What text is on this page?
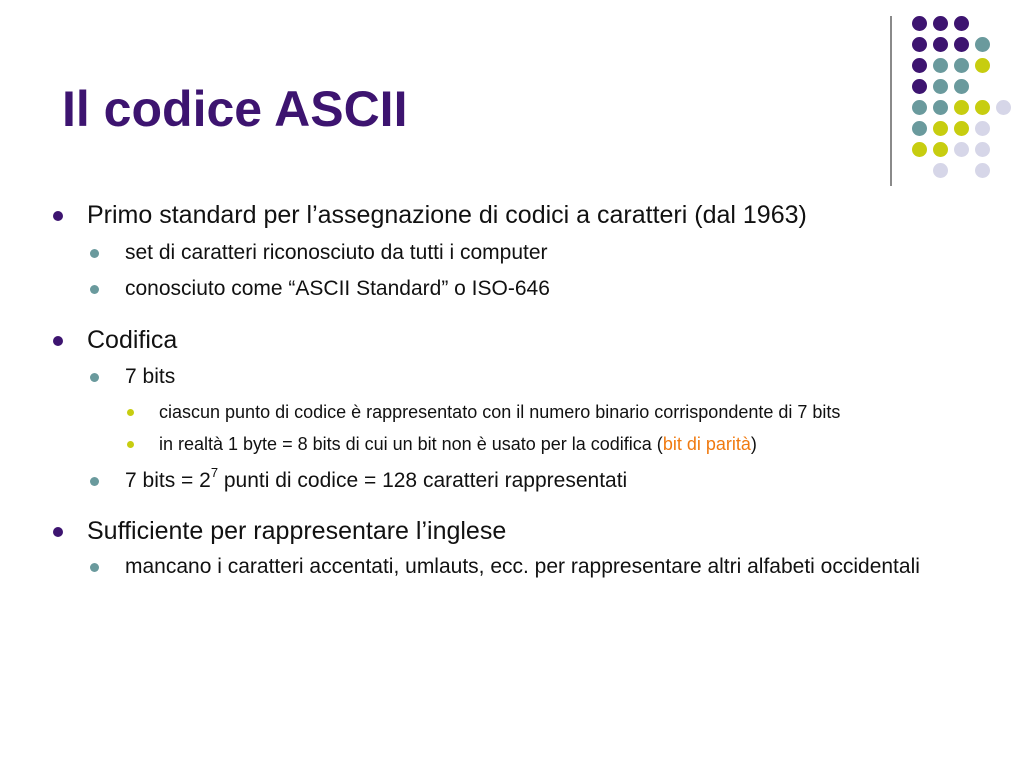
Il codice ASCII
Primo standard per l’assegnazione di codici a caratteri (dal 1963)
set di caratteri riconosciuto da tutti i computer
conosciuto come “ASCII Standard” o ISO-646
Codifica
7 bits
ciascun punto di codice è rappresentato con il numero binario corrispondente di 7 bits
in realtà 1 byte = 8 bits di cui un bit non è usato per la codifica (bit di parità)
7 bits = $2^7$ punti di codice = 128 caratteri rappresentati
Sufficiente per rappresentare l’inglese
mancano i caratteri accentati, umlauts, ecc. per rappresentare altri alfabeti occidentali
